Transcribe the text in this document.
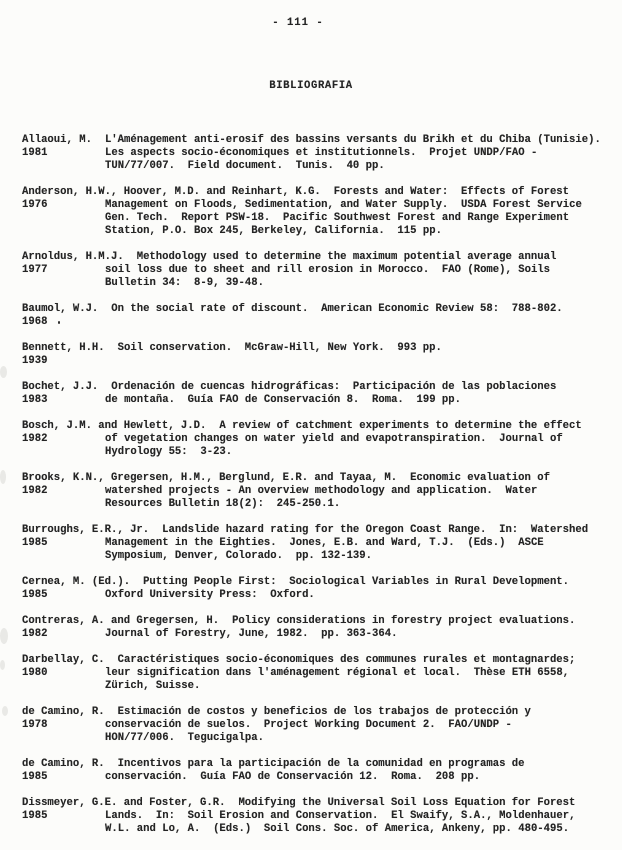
- 111 -
BIBLIOGRAFIA
Allaoui, M. L'Aménagement anti-erosif des bassins versants du Brikh et du Chiba (Tunisie).
1981	Les aspects socio-économiques et institutionnels.  Projet UNDP/FAO -
TUN/77/007.  Field document.  Tunis.  40 pp.
Anderson, H.W., Hoover, M.D. and Reinhart, K.G. Forests and Water:  Effects of Forest
1976	Management on Floods, Sedimentation, and Water Supply.  USDA Forest Service
Gen. Tech.  Report PSW-18.  Pacific Southwest Forest and Range Experiment
Station, P.O. Box 245, Berkeley, California.  115 pp.
Arnoldus, H.M.J. Methodology used to determine the maximum potential average annual
1977	soil loss due to sheet and rill erosion in Morocco.  FAO (Rome), Soils
Bulletin 34:  8-9, 39-48.
Baumol, W.J. On the social rate of discount.  American Economic Review 58:  788-802.
1968
Bennett, H.H. Soil conservation.  McGraw-Hill, New York.  993 pp.
1939
Bochet, J.J. Ordenación de cuencas hidrográficas:  Participación de las poblaciones
1983	de montaña.  Guía FAO de Conservación 8.  Roma.  199 pp.
Bosch, J.M. and Hewlett, J.D. A review of catchment experiments to determine the effect
1982	of vegetation changes on water yield and evapotranspiration.  Journal of
Hydrology 55:  3-23.
Brooks, K.N., Gregersen, H.M., Berglund, E.R. and Tayaa, M. Economic evaluation of
1982	watershed projects - An overview methodology and application.  Water
Resources Bulletin 18(2):  245-250.1.
Burroughs, E.R., Jr. Landslide hazard rating for the Oregon Coast Range.  In:  Watershed
1985	Management in the Eighties.  Jones, E.B. and Ward, T.J.  (Eds.)  ASCE
Symposium, Denver, Colorado.  pp. 132-139.
Cernea, M. (Ed.). Putting People First:  Sociological Variables in Rural Development.
1985	Oxford University Press:  Oxford.
Contreras, A. and Gregersen, H. Policy considerations in forestry project evaluations.
1982	Journal of Forestry, June, 1982.  pp. 363-364.
Darbellay, C. Caractéristiques socio-économiques des communes rurales et montagnardes;
1980	leur signification dans l'aménagement régional et local.  Thèse ETH 6558,
Zürich, Suisse.
de Camino, R. Estimación de costos y beneficios de los trabajos de protección y
1978	conservación de suelos.  Project Working Document 2.  FAO/UNDP -
HON/77/006.  Tegucigalpa.
de Camino, R. Incentivos para la participación de la comunidad en programas de
1985	conservación.  Guía FAO de Conservación 12.  Roma.  208 pp.
Dissmeyer, G.E. and Foster, G.R. Modifying the Universal Soil Loss Equation for Forest
1985	Lands.  In:  Soil Erosion and Conservation.  El Swaify, S.A., Moldenhauer,
W.L. and Lo, A.  (Eds.)  Soil Cons. Soc. of America, Ankeny, pp. 480-495.
